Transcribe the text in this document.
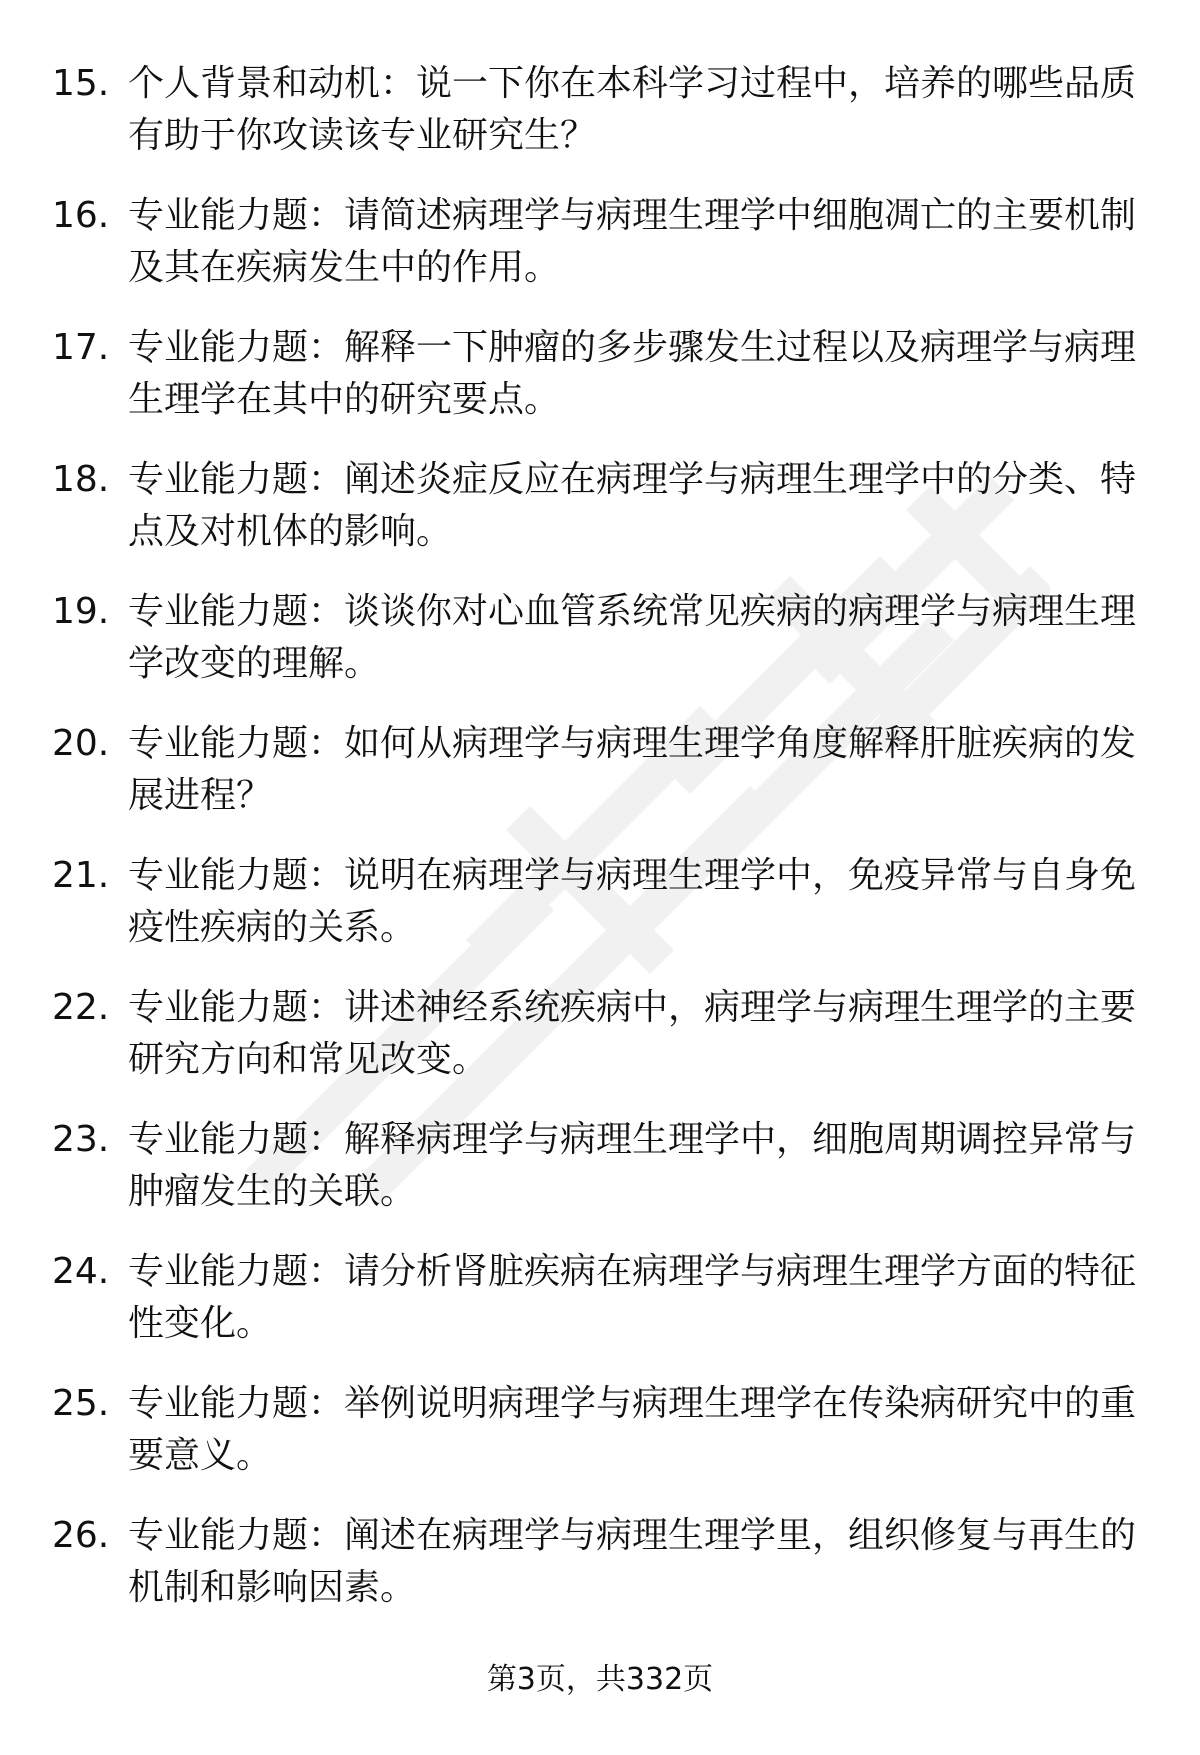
15. 个人背景和动机：说一下你在本科学习过程中，培养的哪些品质有助于你攻读该专业研究生？
16. 专业能力题：请简述病理学与病理生理学中细胞凋亡的主要机制及其在疾病发生中的作用。
17. 专业能力题：解释一下肿瘤的多步骤发生过程以及病理学与病理生理学在其中的研究要点。
18. 专业能力题：阐述炎症反应在病理学与病理生理学中的分类、特点及对机体的影响。
19. 专业能力题：谈谈你对心血管系统常见疾病的病理学与病理生理学改变的理解。
20. 专业能力题：如何从病理学与病理生理学角度解释肝脏疾病的发展进程？
21. 专业能力题：说明在病理学与病理生理学中，免疫异常与自身免疫性疾病的关系。
22. 专业能力题：讲述神经系统疾病中，病理学与病理生理学的主要研究方向和常见改变。
23. 专业能力题：解释病理学与病理生理学中，细胞周期调控异常与肿瘤发生的关联。
24. 专业能力题：请分析肾脏疾病在病理学与病理生理学方面的特征性变化。
25. 专业能力题：举例说明病理学与病理生理学在传染病研究中的重要意义。
26. 专业能力题：阐述在病理学与病理生理学里，组织修复与再生的机制和影响因素。
第3页，共332页
